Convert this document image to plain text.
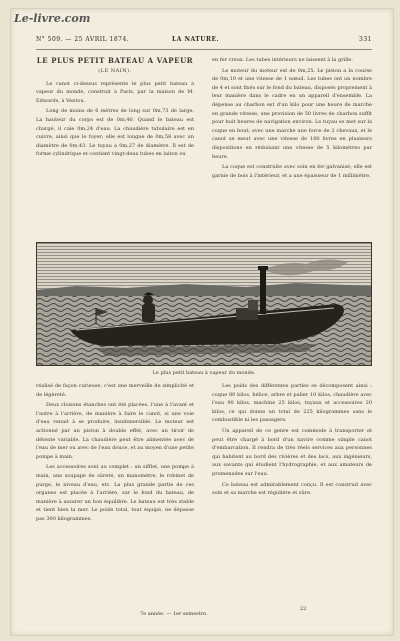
Le-livre.com
N° 509. — 25 AVRIL 1874.	LA NATURE.	331
LE PLUS PETIT BATEAU A VAPEUR
(LE NAIN).

Le canot ci-dessus représente le plus petit bateau à vapeur du monde, construit à Paris, par la maison de M. Edwards, à Ventou.

Long de moins de 6 mètres de long sur 0m,73 de large. La hauteur du corps est de 0m,40. Quand le bateau est chargé, il cale 0m,24 d'eau. La chaudière tubulaire est en cuivre, ainsi que le foyer; elle est longue de 0m,58 avec un diamètre de 0m,43. Le tuyau a 0m,27 de diamètre. Il est de forme cylindrique et contient vingt-deux tubes en laiton ou

en fer creux. Les tubes intérieurs ne laissent à la grille.

Le moteur du moteur est de 0m,25. Le piston a la course de 0m,10 et une vitesse de 1 nœud. Les tubes ont un nombre de 4 et sont fixés sur le fond du bateau, disposés proprement à leur manière dans le cadre en un appareil d'ensemble. La dépense au charbon est d'un kilo pour une heure de marche en grande vitesse, une provision de 50 livres de charbon suffit pour huit heures de navigation environ. Le tuyau se met sur la coque en bout; avec une marche une force de 2 chevaux, et le canot se meut avec une vitesse de 100 livres en plusieurs dispositions en réduisant une vitesse de 5 kilomètres par heure.

La coque est construite avec soin en fer galvanisé; elle est garnie de bois à l'intérieur, et a une épaisseur de 1 millimètre.

Le plus petit bateau à vapeur du monde.

réalisé de façon curieuse, c'est une merveille de simplicité et de légèreté.

Deux cloisons étanches ont été placées, l'une à l'avant et l'autre à l'arrière, de manière à faire le canot, si une voie d'eau venait à se produire, insubmersible. Le moteur est actionné par un piston à double effet, avec un tiroir de détente variable. La chaudière peut être alimentée avec de l'eau de mer ou avec de l'eau douce, et au moyen d'une petite pompe à main.

Les accessoires sont au complet : un sifflet, une pompe à main, une soupape de sûreté, un manomètre, le robinet de purge, le niveau d'eau, etc. La plus grande partie de ces organes est placée à l'arrière, sur le fond du bateau, de manière à assurer un bon équilibre. Le bateau est très stable et tient bien la mer. Le poids total, tout équipé, ne dépasse pas 300 kilogrammes.

Les poids des différentes parties se décomposent ainsi : coque 80 kilos, hélice, arbre et palier 10 kilos, chaudière avec l'eau 90 kilos, machine 25 kilos, tuyaux et accessoires 20 kilos, ce qui donne un total de 225 kilogrammes sans le combustible ni les passagers.

Un appareil de ce genre est commode à transporter et peut être chargé à bord d'un navire comme simple canot d'embarcation. Il rendra de très réels services aux personnes qui habitent au bord des rivières et des lacs, aux ingénieurs, aux savants qui étudient l'hydrographie, et aux amateurs de promenades sur l'eau.

Ce bateau est admirablement conçu. Il est construit avec soin et sa marche est régulière et sûre.

7e année. — 1er semestre.
22
